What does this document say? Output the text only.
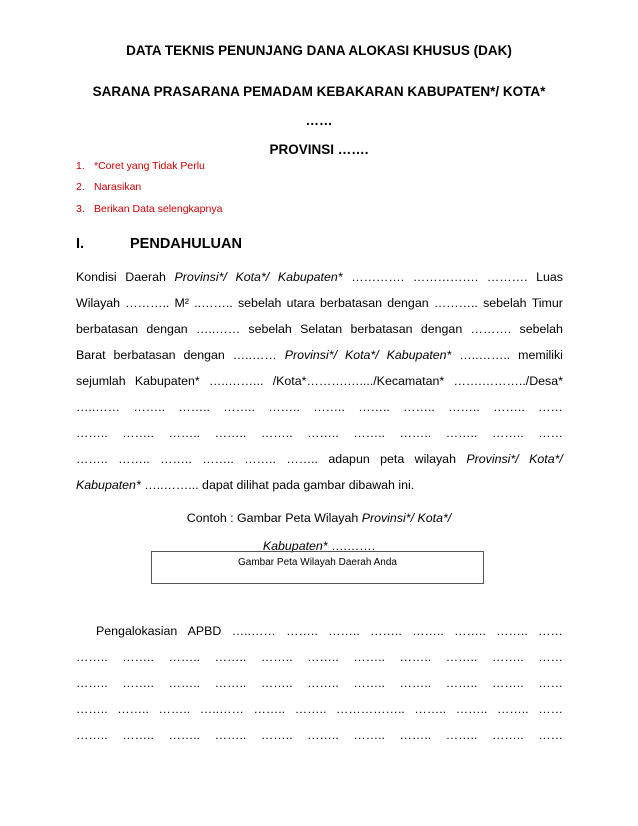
DATA TEKNIS PENUNJANG DANA ALOKASI KHUSUS (DAK)
SARANA PRASARANA PEMADAM KEBAKARAN KABUPATEN*/ KOTA*
……
PROVINSI …….
1. *Coret yang Tidak Perlu
2. Narasikan
3. Berikan Data selengkapnya
I.	PENDAHULUAN
Kondisi Daerah Provinsi*/ Kota*/ Kabupaten* …………. ……………. ………. Luas
Wilayah ……….. M² ..…….. sebelah utara berbatasan dengan ……….. sebelah Timur
berbatasan dengan …..…… sebelah Selatan berbatasan dengan ………. sebelah
Barat berbatasan dengan …..…… Provinsi*/ Kota*/ Kabupaten* …..…….. memiliki
sejumlah Kabupaten* …..……... /Kota*……….…..../Kecamatan* …….………../Desa*
…..…… …….. …….. …….. …….. …….. …….. …….. …….. …….. ……
…….. …….. …….. …….. …….. …….. …….. …….. …….. …….. ……
…….. …….. …….. …….. …….. …….. adapun peta wilayah Provinsi*/ Kota*/
Kabupaten* …..……... dapat dilihat pada gambar dibawah ini.
Contoh : Gambar Peta Wilayah Provinsi*/ Kota*/
Kabupaten* ….…….
Gambar Peta Wilayah Daerah Anda
Pengalokasian APBD …..…… …….. …….. …….. …….. …….. …….. ……
…….. …….. …….. …….. …….. …….. …….. …….. …….. …….. ……
…….. …….. …….. …….. …….. …….. …….. …….. …….. …….. ……
…….. …….. …….. …..…… …….. …….. …………….. …….. …….. …….. ……
…….. …….. …….. …….. …….. …….. …….. …….. …….. …….. ……
